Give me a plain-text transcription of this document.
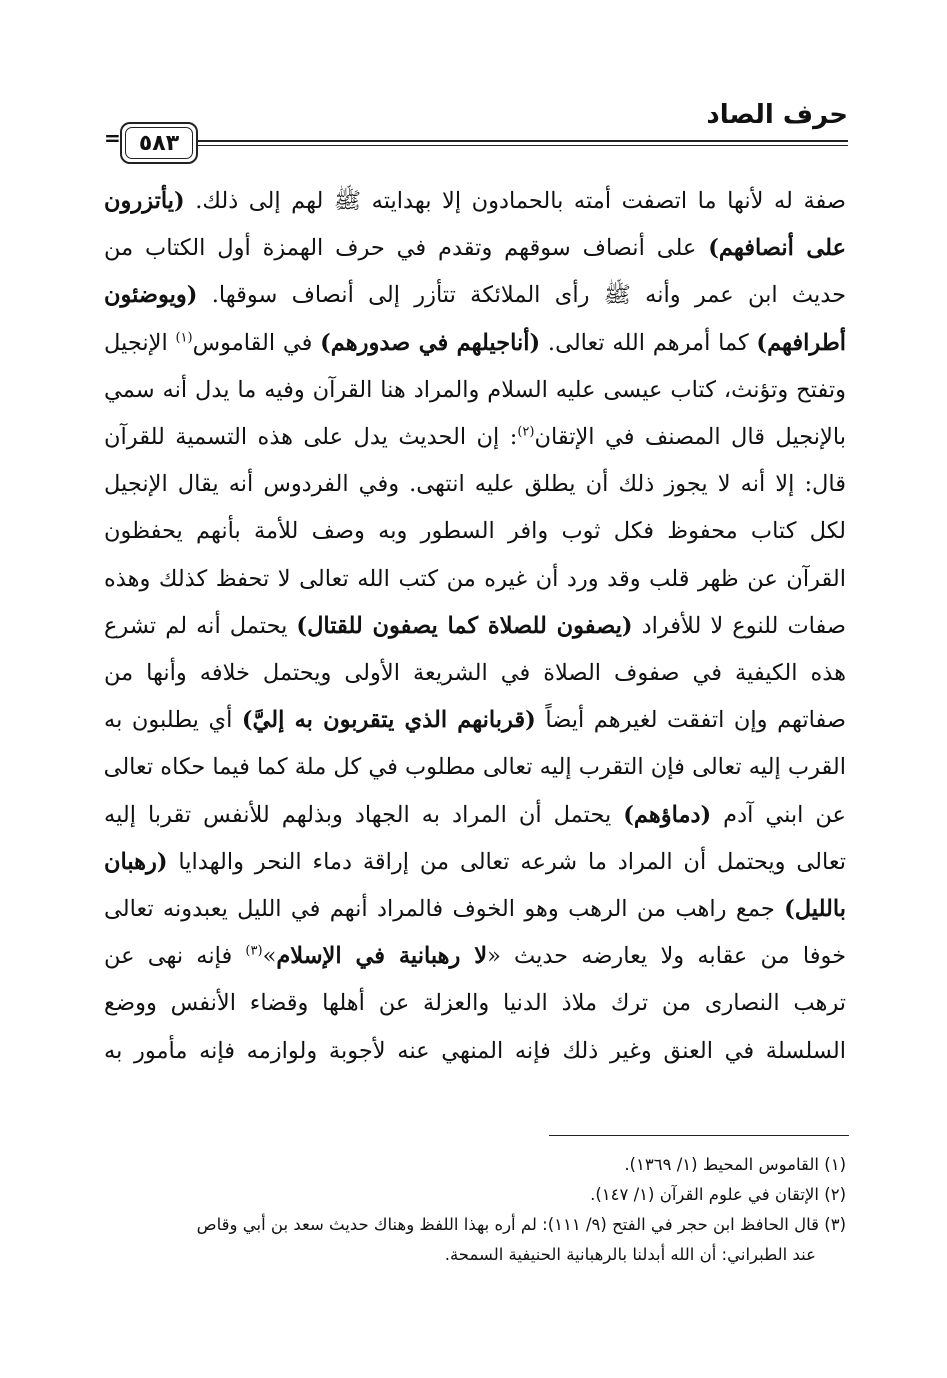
حرف الصاد
٥٨٣
=
صفة له لأنها ما اتصفت أمته بالحمادون إلا بهدايته ﷺ لهم إلى ذلك. (يأتزرون
على أنصافهم) على أنصاف سوقهم وتقدم في حرف الهمزة أول الكتاب من
حديث ابن عمر وأنه ﷺ رأى الملائكة تتأزر إلى أنصاف سوقها. (ويوضئون
أطرافهم) كما أمرهم الله تعالى. (أناجيلهم في صدورهم) في القاموس$^{(١)}$ الإنجيل
وتفتح وتؤنث، كتاب عيسى عليه السلام والمراد هنا القرآن وفيه ما يدل أنه سمي
بالإنجيل قال المصنف في الإتقان$^{(٢)}$: إن الحديث يدل على هذه التسمية للقرآن
قال: إلا أنه لا يجوز ذلك أن يطلق عليه انتهى. وفي الفردوس أنه يقال الإنجيل
لكل كتاب محفوظ فكل ثوب وافر السطور وبه وصف للأمة بأنهم يحفظون
القرآن عن ظهر قلب وقد ورد أن غيره من كتب الله تعالى لا تحفظ كذلك وهذه
صفات للنوع لا للأفراد (يصفون للصلاة كما يصفون للقتال) يحتمل أنه لم تشرع
هذه الكيفية في صفوف الصلاة في الشريعة الأولى ويحتمل خلافه وأنها من
صفاتهم وإن اتفقت لغيرهم أيضاً (قربانهم الذي يتقربون به إليَّ) أي يطلبون به
القرب إليه تعالى فإن التقرب إليه تعالى مطلوب في كل ملة كما فيما حكاه تعالى
عن ابني آدم (دماؤهم) يحتمل أن المراد به الجهاد وبذلهم للأنفس تقربا إليه
تعالى ويحتمل أن المراد ما شرعه تعالى من إراقة دماء النحر والهدايا (رهبان
بالليل) جمع راهب من الرهب وهو الخوف فالمراد أنهم في الليل يعبدونه تعالى
خوفا من عقابه ولا يعارضه حديث «لا رهبانية في الإسلام»$^{(٣)}$ فإنه نهى عن
ترهب النصارى من ترك ملاذ الدنيا والعزلة عن أهلها وقضاء الأنفس ووضع
السلسلة في العنق وغير ذلك فإنه المنهي عنه لأجوبة ولوازمه فإنه مأمور به
(١) القاموس المحيط (١/ ١٣٦٩).
(٢) الإتقان في علوم القرآن (١/ ١٤٧).
(٣) قال الحافظ ابن حجر في الفتح (٩/ ١١١): لم أره بهذا اللفظ وهناك حديث سعد بن أبي وقاص
عند الطبراني: أن الله أبدلنا بالرهبانية الحنيفية السمحة.
